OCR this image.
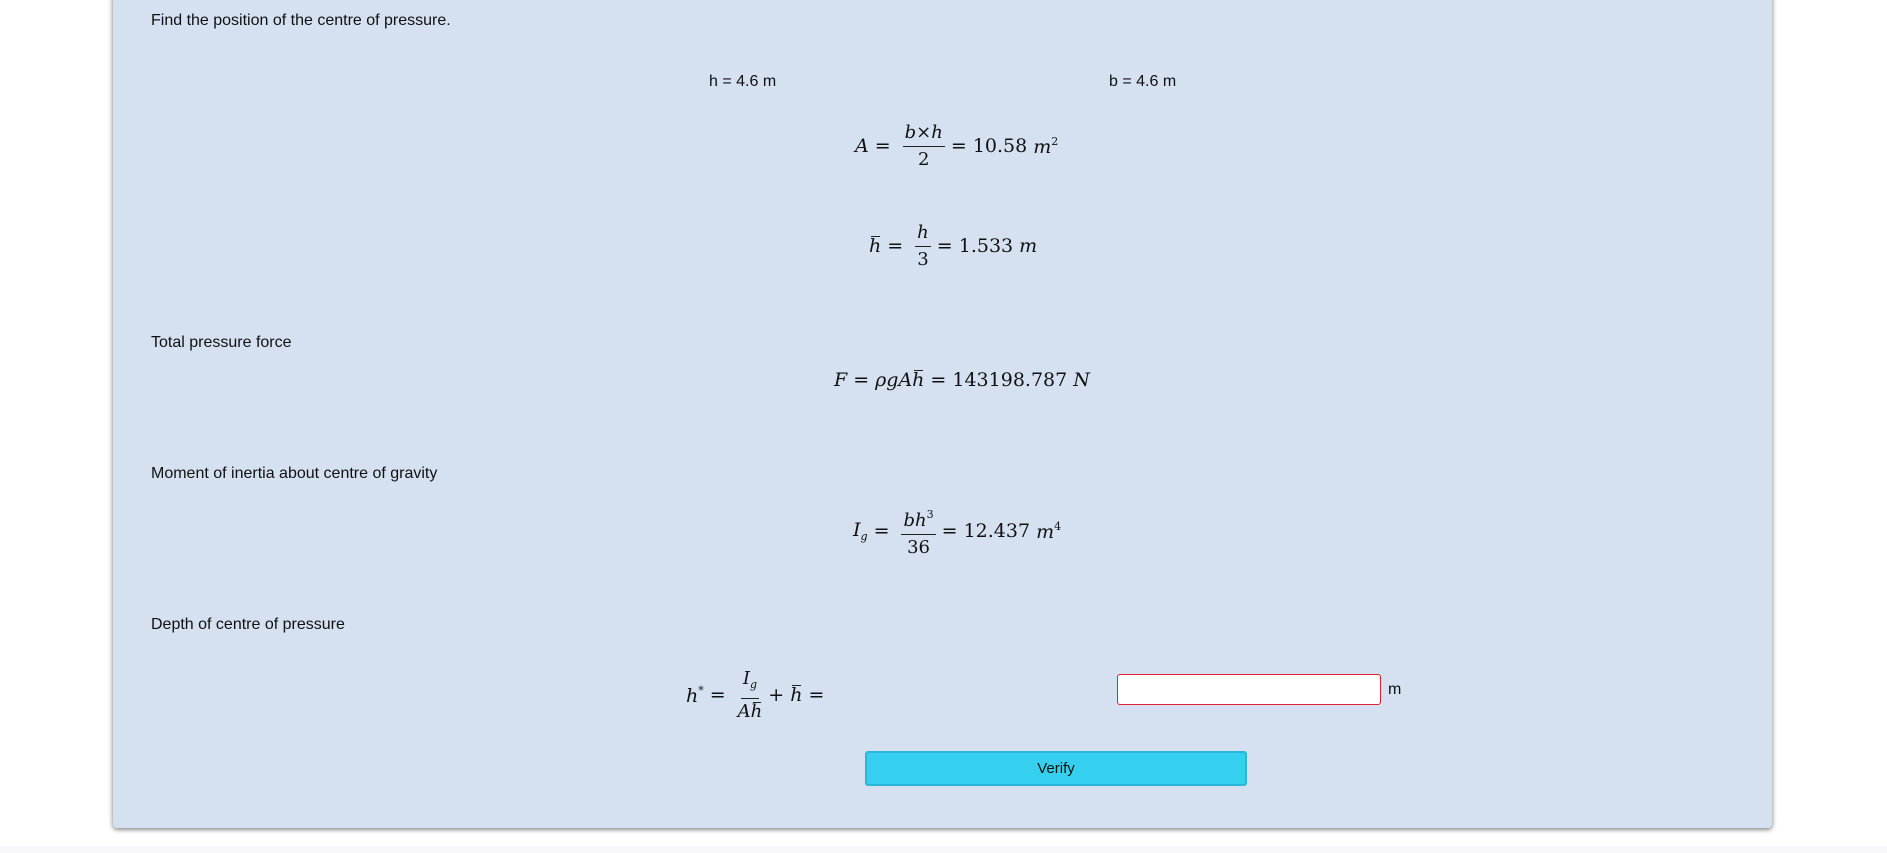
Find the position of the centre of pressure.
h = 4.6 m	b = 4.6 m
$A = \frac{b\times h}{2} = 10.58$ $m^2$
$h = \frac{h}{3} = 1.533$ m
Total pressure force
F = ρgA h = 143198.787 N
Moment of inertia about centre of gravity
$I_g = \frac{bh^3}{36} = 12.437$ $m^4$
Depth of centre of pressure
$h^* = \frac{I_g}{Ah} + h$ =	m
Verify
